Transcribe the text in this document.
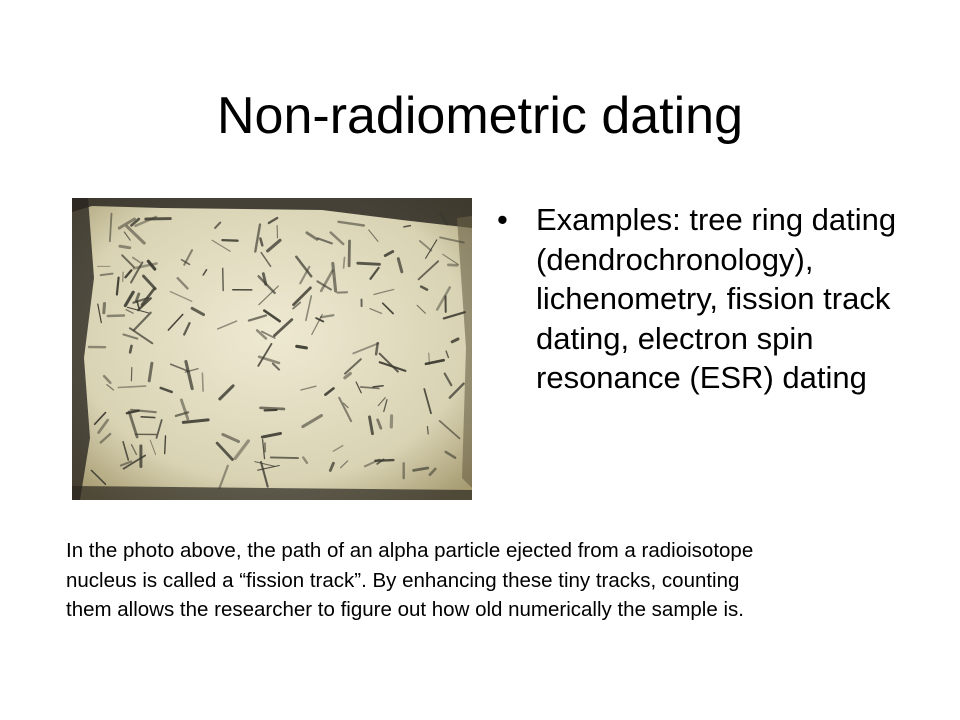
Non-radiometric dating
• Examples: tree ring dating (dendrochronology), lichenometry, fission track dating, electron spin resonance (ESR) dating

In the photo above, the path of an alpha particle ejected from a radioisotope nucleus is called a “fission track”. By enhancing these tiny tracks, counting them allows the researcher to figure out how old numerically the sample is.
